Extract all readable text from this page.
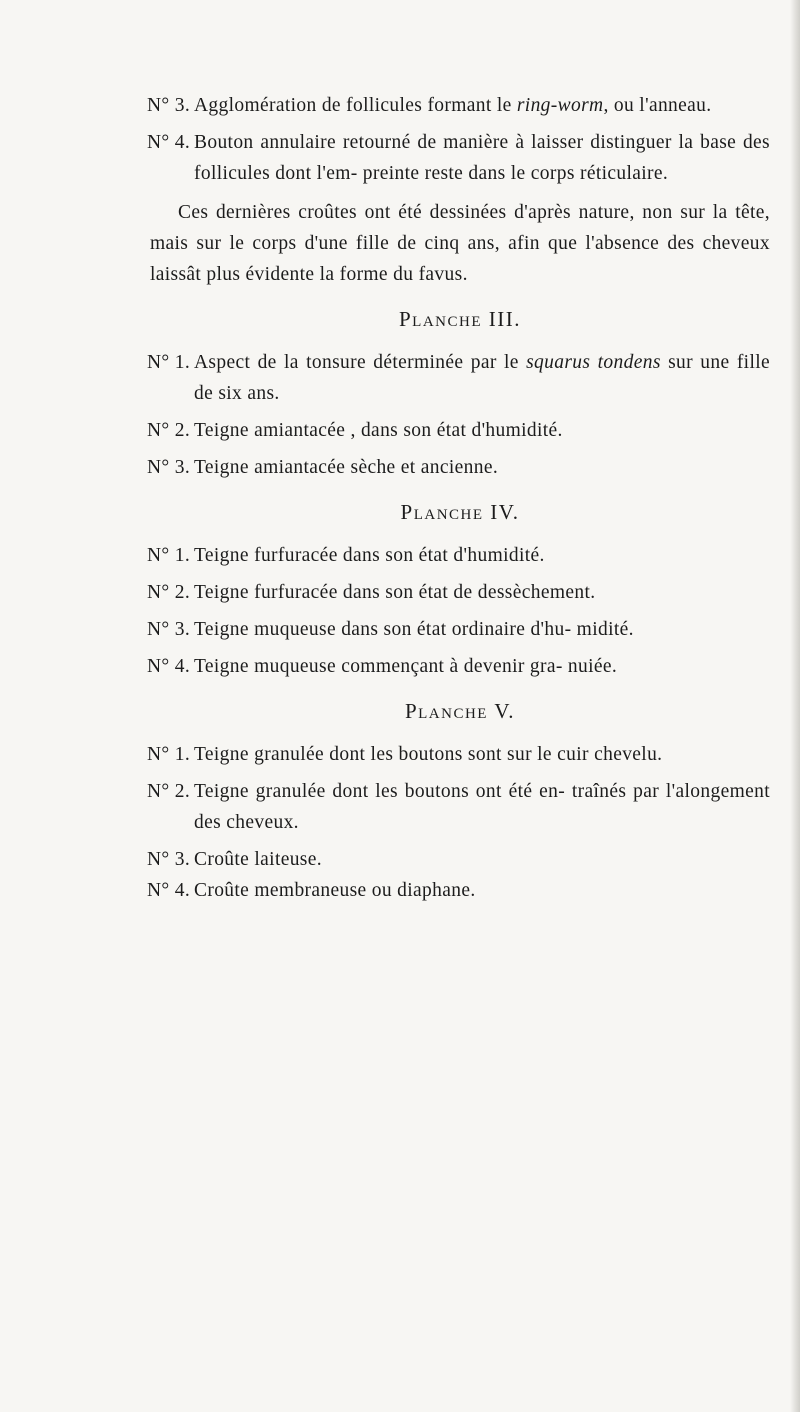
N° 3. Agglomération de follicules formant le ring-worm, ou l'anneau.
N° 4. Bouton annulaire retourné de manière à laisser distinguer la base des follicules dont l'em- preinte reste dans le corps réticulaire.

Ces dernières croûtes ont été dessinées d'après nature, non sur la tête, mais sur le corps d'une fille de cinq ans, afin que l'absence des cheveux laissât plus évidente la forme du favus.

Planche III.
N° 1. Aspect de la tonsure déterminée par le squarus tondens sur une fille de six ans.
N° 2. Teigne amiantacée , dans son état d'humidité.
N° 3. Teigne amiantacée sèche et ancienne.
Planche IV.
N° 1. Teigne furfuracée dans son état d'humidité.
N° 2. Teigne furfuracée dans son état de dessèchement.
N° 3. Teigne muqueuse dans son état ordinaire d'hu- midité.
N° 4. Teigne muqueuse commençant à devenir gra- nuiée.
Planche V.
N° 1. Teigne granulée dont les boutons sont sur le cuir chevelu.
N° 2. Teigne granulée dont les boutons ont été en- traînés par l'alongement des cheveux.
N° 3. Croûte laiteuse.
N° 4. Croûte membraneuse ou diaphane.
